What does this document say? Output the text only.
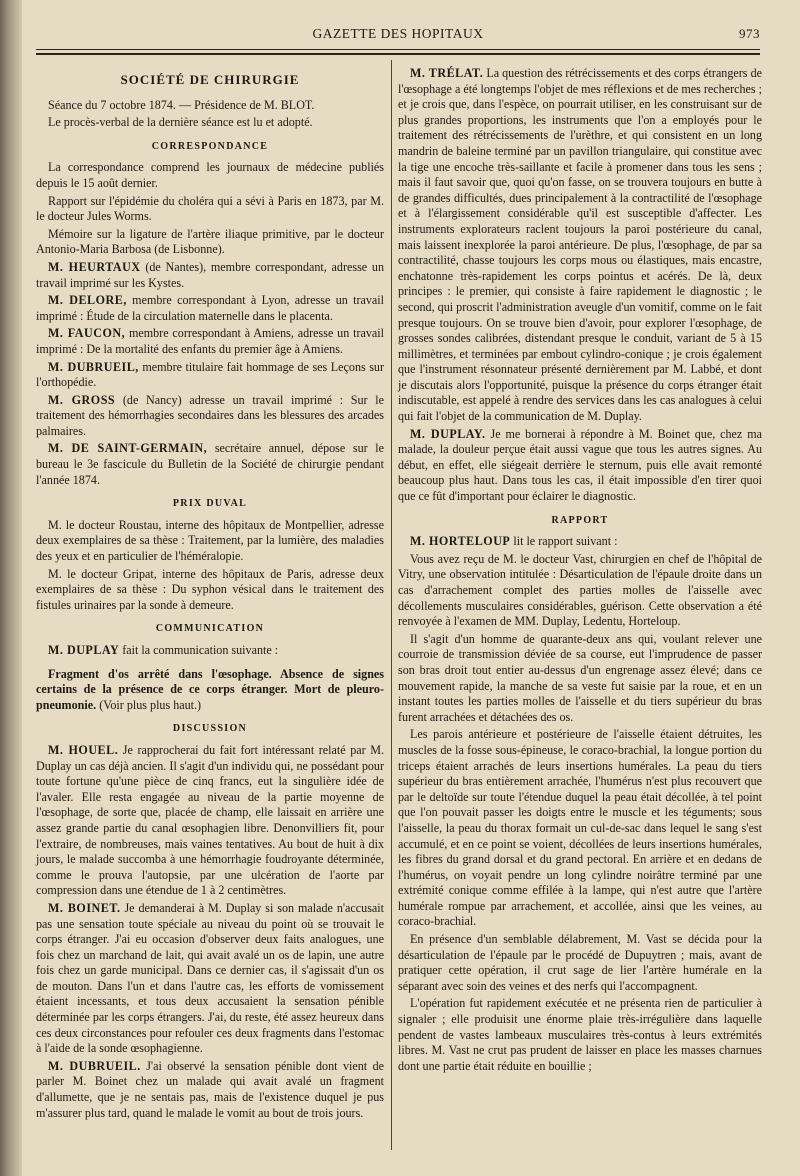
GAZETTE DES HOPITAUX	973
SOCIÉTÉ DE CHIRURGIE

Séance du 7 octobre 1874. — Présidence de M. BLOT.

Le procès-verbal de la dernière séance est lu et adopté.

CORRESPONDANCE

La correspondance comprend les journaux de médecine publiés depuis le 15 août dernier.

Rapport sur l'épidémie du choléra qui a sévi à Paris en 1873, par M. le docteur Jules Worms.

Mémoire sur la ligature de l'artère iliaque primitive, par le docteur Antonio-Maria Barbosa (de Lisbonne).

M. HEURTAUX (de Nantes), membre correspondant, adresse un travail imprimé sur les Kystes.

M. DELORE, membre correspondant à Lyon, adresse un travail imprimé : Étude de la circulation maternelle dans le placenta.

M. FAUCON, membre correspondant à Amiens, adresse un travail imprimé : De la mortalité des enfants du premier âge à Amiens.

M. DUBRUEIL, membre titulaire fait hommage de ses Leçons sur l'orthopédie.

M. GROSS (de Nancy) adresse un travail imprimé : Sur le traitement des hémorrhagies secondaires dans les blessures des arcades palmaires.

M. DE SAINT-GERMAIN, secrétaire annuel, dépose sur le bureau le 3e fascicule du Bulletin de la Société de chirurgie pendant l'année 1874.

PRIX DUVAL

M. le docteur Roustau, interne des hôpitaux de Montpellier, adresse deux exemplaires de sa thèse : Traitement, par la lumière, des maladies des yeux et en particulier de l'héméralopie.

M. le docteur Gripat, interne des hôpitaux de Paris, adresse deux exemplaires de sa thèse : Du syphon vésical dans le traitement des fistules urinaires par la sonde à demeure.

COMMUNICATION

M. DUPLAY fait la communication suivante :

Fragment d'os arrêté dans l'œsophage. Absence de signes certains de la présence de ce corps étranger. Mort de pleuro-pneumonie. (Voir plus plus haut.)

DISCUSSION

M. HOUEL. Je rapprocherai du fait fort intéressant relaté par M. Duplay un cas déjà ancien. Il s'agit d'un individu qui, ne possédant pour toute fortune qu'une pièce de cinq francs, eut la singulière idée de l'avaler. Elle resta engagée au niveau de la partie moyenne de l'œsophage, de sorte que, placée de champ, elle laissait en arrière une assez grande partie du canal œsophagien libre. Denonvilliers fit, pour l'extraire, de nombreuses, mais vaines tentatives. Au bout de huit à dix jours, le malade succomba à une hémorrhagie foudroyante déterminée, comme le prouva l'autopsie, par une ulcération de l'aorte par compression dans une étendue de 1 à 2 centimètres.

M. BOINET. Je demanderai à M. Duplay si son malade n'accusait pas une sensation toute spéciale au niveau du point où se trouvait le corps étranger. J'ai eu occasion d'observer deux faits analogues, une fois chez un marchand de lait, qui avait avalé un os de lapin, une autre fois chez un garde municipal. Dans ce dernier cas, il s'agissait d'un os de mouton. Dans l'un et dans l'autre cas, les efforts de vomissement étaient incessants, et tous deux accusaient la sensation pénible déterminée par les corps étrangers. J'ai, du reste, été assez heureux dans ces deux circonstances pour refouler ces deux fragments dans l'estomac à l'aide de la sonde œsophagienne.

M. DUBRUEIL. J'ai observé la sensation pénible dont vient de parler M. Boinet chez un malade qui avait avalé un fragment d'allumette, que je ne sentais pas, mais de l'existence duquel je pus m'assurer plus tard, quand le malade le vomit au bout de trois jours.

M. TRÉLAT. La question des rétrécissements et des corps étrangers de l'œsophage a été longtemps l'objet de mes réflexions et de mes recherches ; et je crois que, dans l'espèce, on pourrait utiliser, en les construisant sur de plus grandes proportions, les instruments que l'on a employés pour le traitement des rétrécissements de l'urèthre, et qui consistent en un long mandrin de baleine terminé par un pavillon triangulaire, qui constitue avec la tige une encoche très-saillante et facile à promener dans tous les sens ; mais il faut savoir que, quoi qu'on fasse, on se trouvera toujours en butte à de grandes difficultés, dues principalement à la contractilité de l'œsophage et à l'élargissement considérable qu'il est susceptible d'affecter. Les instruments explorateurs raclent toujours la paroi postérieure du canal, mais laissent inexplorée la paroi antérieure. De plus, l'œsophage, de par sa contractilité, chasse toujours les corps mous ou élastiques, mais encastre, enchatonne très-rapidement les corps pointus et acérés. De là, deux principes : le premier, qui consiste à faire rapidement le diagnostic ; le second, qui proscrit l'administration aveugle d'un vomitif, comme on le fait presque toujours. On se trouve bien d'avoir, pour explorer l'œsophage, de grosses sondes calibrées, distendant presque le conduit, variant de 5 à 15 millimètres, et terminées par embout cylindro-conique ; je crois également que l'instrument résonnateur présenté dernièrement par M. Labbé, et dont je discutais alors l'opportunité, puisque la présence du corps étranger était indiscutable, est appelé à rendre des services dans les cas analogues à celui qui fait l'objet de la communication de M. Duplay.

M. DUPLAY. Je me bornerai à répondre à M. Boinet que, chez ma malade, la douleur perçue était aussi vague que tous les autres signes. Au début, en effet, elle siégeait derrière le sternum, puis elle avait remonté beaucoup plus haut. Dans tous les cas, il était impossible d'en tirer quoi que ce fût d'important pour éclairer le diagnostic.

RAPPORT

M. HORTELOUP lit le rapport suivant :

Vous avez reçu de M. le docteur Vast, chirurgien en chef de l'hôpital de Vitry, une observation intitulée : Désarticulation de l'épaule droite dans un cas d'arrachement complet des parties molles de l'aisselle avec décollements musculaires considérables, guérison. Cette observation a été renvoyée à l'examen de MM. Duplay, Ledentu, Horteloup.

Il s'agit d'un homme de quarante-deux ans qui, voulant relever une courroie de transmission déviée de sa course, eut l'imprudence de passer son bras droit tout entier au-dessus d'un engrenage assez élevé; dans ce mouvement rapide, la manche de sa veste fut saisie par la roue, et en un instant toutes les parties molles de l'aisselle et du tiers supérieur du bras furent arrachées et détachées des os.

Les parois antérieure et postérieure de l'aisselle étaient détruites, les muscles de la fosse sous-épineuse, le coraco-brachial, la longue portion du triceps étaient arrachés de leurs insertions humérales. La peau du tiers supérieur du bras entièrement arrachée, l'humérus n'est plus recouvert que par le deltoïde sur toute l'étendue duquel la peau était décollée, à tel point que l'on pouvait passer les doigts entre le muscle et les téguments; sous l'aisselle, la peau du thorax formait un cul-de-sac dans lequel le sang s'est accumulé, et en ce point se voient, décollées de leurs insertions humérales, les fibres du grand dorsal et du grand pectoral. En arrière et en dedans de l'humérus, on voyait pendre un long cylindre noirâtre terminé par une extrémité conique comme effilée à la lampe, qui n'est autre que l'artère humérale rompue par arrachement, et accollée, ainsi que les veines, au coraco-brachial.

En présence d'un semblable délabrement, M. Vast se décida pour la désarticulation de l'épaule par le procédé de Dupuytren ; mais, avant de pratiquer cette opération, il crut sage de lier l'artère humérale en la séparant avec soin des veines et des nerfs qui l'accompagnent.

L'opération fut rapidement exécutée et ne présenta rien de particulier à signaler ; elle produisit une énorme plaie très-irrégulière dans laquelle pendent de vastes lambeaux musculaires très-contus à leurs extrémités libres. M. Vast ne crut pas prudent de laisser en place les masses charnues dont une partie était réduite en bouillie ;
